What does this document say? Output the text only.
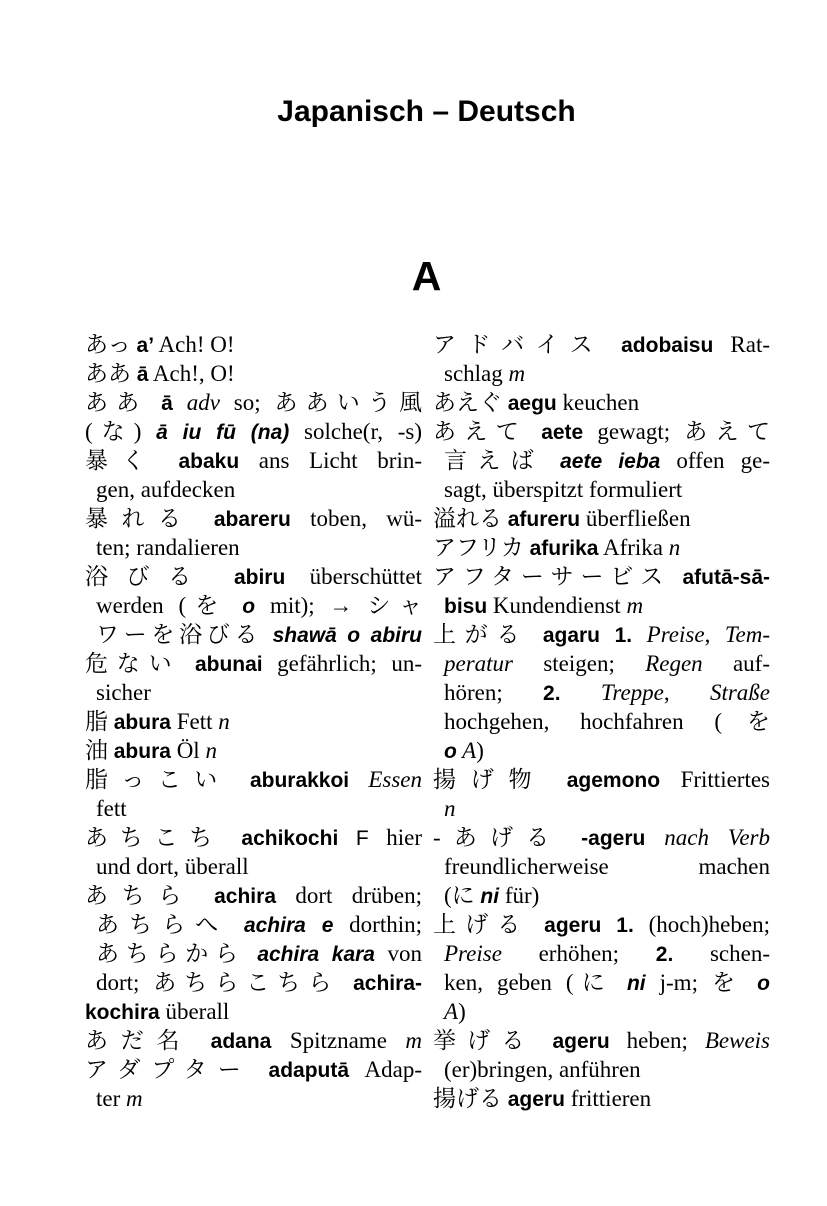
Japanisch – Deutsch
A
あっ a’ Ach! O!
ああ ā Ach!, O!
ああ ā adv so; ああいう風
(な) ā iu fū (na) solche(r, -s)
暴く abaku ans Licht brin-
gen, aufdecken
暴れる abareru toben, wü-
ten; randalieren
浴びる abiru überschüttet
werden (を o mit); → シャ
ワーを浴びる shawā o abiru
危ない abunai gefährlich; un-
sicher
脂 abura Fett n
油 abura Öl n
脂っこい aburakkoi Essen
fett
あちこち achikochi F hier
und dort, überall
あちら achira dort drüben;
あちらへ achira e dorthin;
あちらから achira kara von
dort; あちらこちら achira-
kochira überall
あだ名 adana Spitzname m
アダプター adaputā Adap-
ter m
アドバイス adobaisu Rat-
schlag m
あえぐ aegu keuchen
あえて aete gewagt; あえて
言えば aete ieba offen ge-
sagt, überspitzt formuliert
溢れる afureru überfließen
アフリカ afurika Afrika n
アフターサービス afutā-sā-
bisu Kundendienst m
上がる agaru 1. Preise, Tem-
peratur steigen; Regen auf-
hören; 2. Treppe, Straße
hochgehen, hochfahren (を
o A)
揚げ物 agemono Frittiertes
n
-あげる -ageru nach Verb
freundlicherweise machen
(に ni für)
上げる ageru 1. (hoch)heben;
Preise erhöhen; 2. schen-
ken, geben (に ni j-m; を o
A)
挙げる ageru heben; Beweis
(er)bringen, anführen
揚げる ageru frittieren
